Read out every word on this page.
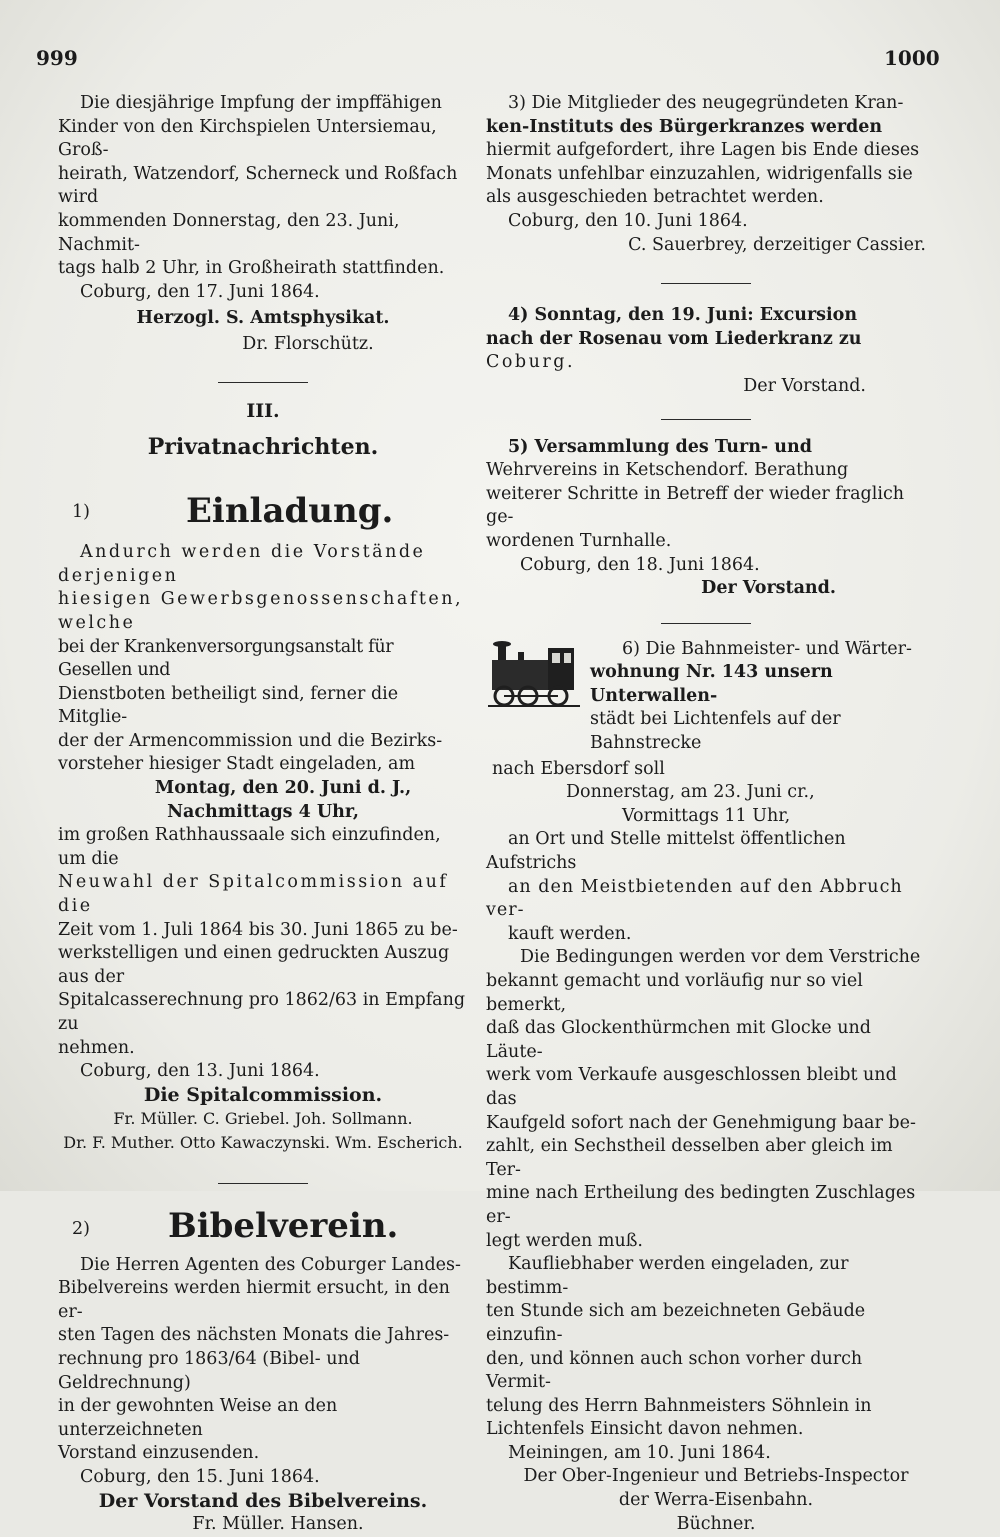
999	1000

Die diesjährige Impfung der impffähigen

Kinder von den Kirchspielen Untersiemau, Groß-

heirath, Watzendorf, Scherneck und Roßfach wird

kommenden Donnerstag, den 23. Juni, Nachmit-

tags halb 2 Uhr, in Großheirath stattfinden.

Coburg, den 17. Juni 1864.

Herzogl. S. Amtsphysikat.

Dr. Florschütz.

III.

Privatnachrichten.

1)	Einladung.

Andurch werden die Vorstände derjenigen

hiesigen Gewerbsgenossenschaften, welche

bei der Krankenversorgungsanstalt für Gesellen und

Dienstboten betheiligt sind, ferner die Mitglie-

der der Armencommission und die Bezirks-

vorsteher hiesiger Stadt eingeladen, am

Montag, den 20. Juni d. J.,

Nachmittags 4 Uhr,

im großen Rathhaussaale sich einzufinden, um die

Neuwahl der Spitalcommission auf die

Zeit vom 1. Juli 1864 bis 30. Juni 1865 zu be-

werkstelligen und einen gedruckten Auszug aus der

Spitalcasserechnung pro 1862/63 in Empfang zu

nehmen.

Coburg, den 13. Juni 1864.

Die Spitalcommission.

Fr. Müller. C. Griebel. Joh. Sollmann.

Dr. F. Muther. Otto Kawaczynski. Wm. Escherich.

2) Bibelverein.

Die Herren Agenten des Coburger Landes-

Bibelvereins werden hiermit ersucht, in den er-

sten Tagen des nächsten Monats die Jahres-

rechnung pro 1863/64 (Bibel- und Geldrechnung)

in der gewohnten Weise an den unterzeichneten

Vorstand einzusenden.

Coburg, den 15. Juni 1864.

Der Vorstand des Bibelvereins.

Fr. Müller. Hansen.

3) Die Mitglieder des neugegründeten Kran-

ken-Instituts des Bürgerkranzes werden

hiermit aufgefordert, ihre Lagen bis Ende dieses

Monats unfehlbar einzuzahlen, widrigenfalls sie

als ausgeschieden betrachtet werden.

Coburg, den 10. Juni 1864.

C. Sauerbrey, derzeitiger Cassier.

4) Sonntag, den 19. Juni: Excursion

nach der Rosenau vom Liederkranz zu

Coburg.

Der Vorstand.

5) Versammlung des Turn- und

Wehrvereins in Ketschendorf. Berathung

weiterer Schritte in Betreff der wieder fraglich ge-

wordenen Turnhalle.

Coburg, den 18. Juni 1864.

Der Vorstand.

6) Die Bahnmeister- und Wärter-

wohnung Nr. 143 unsern Unterwallen-

städt bei Lichtenfels auf der Bahnstrecke

nach Ebersdorf soll

Donnerstag, am 23. Juni cr.,

Vormittags 11 Uhr,

an Ort und Stelle mittelst öffentlichen Aufstrichs

an den Meistbietenden auf den Abbruch ver-

kauft werden.

Die Bedingungen werden vor dem Verstriche

bekannt gemacht und vorläufig nur so viel bemerkt,

daß das Glockenthürmchen mit Glocke und Läute-

werk vom Verkaufe ausgeschlossen bleibt und das

Kaufgeld sofort nach der Genehmigung baar be-

zahlt, ein Sechstheil desselben aber gleich im Ter-

mine nach Ertheilung des bedingten Zuschlages er-

legt werden muß.

Kaufliebhaber werden eingeladen, zur bestimm-

ten Stunde sich am bezeichneten Gebäude einzufin-

den, und können auch schon vorher durch Vermit-

telung des Herrn Bahnmeisters Söhnlein in

Lichtenfels Einsicht davon nehmen.

Meiningen, am 10. Juni 1864.

Der Ober-Ingenieur und Betriebs-Inspector

der Werra-Eisenbahn.

Büchner.
